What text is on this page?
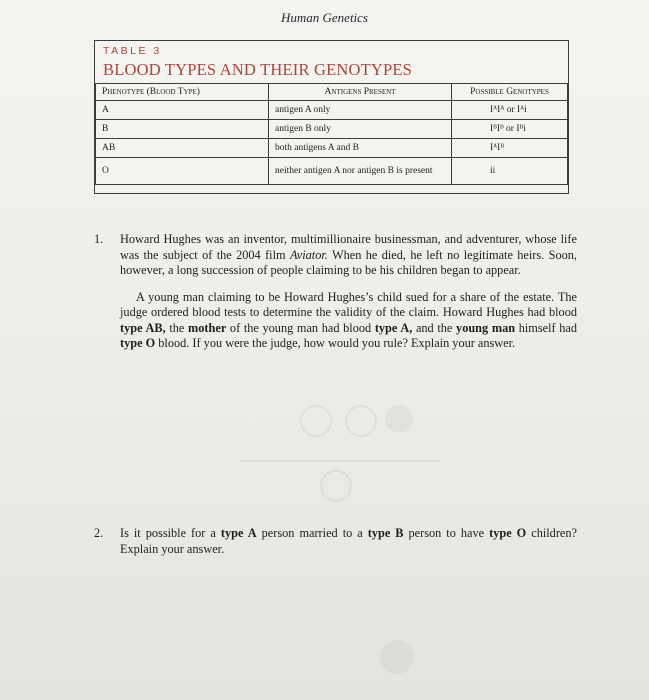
Human Genetics
TABLE 3
BLOOD TYPES AND THEIR GENOTYPES
Phenotype (Blood Type)	Antigens Present	Possible Genotypes
A	antigen A only	IᴬIᴬ or Iᴬi
B	antigen B only	IᴮIᴮ or Iᴮi
AB	both antigens A and B	IᴬIᴮ
O	neither antigen A nor antigen B is present	ii
1. Howard Hughes was an inventor, multimillionaire businessman, and adventurer, whose life was the subject of the 2004 film Aviator. When he died, he left no legitimate heirs. Soon, however, a long succession of people claiming to be his children began to appear.

A young man claiming to be Howard Hughes’s child sued for a share of the estate. The judge ordered blood tests to determine the validity of the claim. Howard Hughes had blood type AB, the mother of the young man had blood type A, and the young man himself had type O blood. If you were the judge, how would you rule? Explain your answer.

2. Is it possible for a type A person married to a type B person to have type O children? Explain your answer.
